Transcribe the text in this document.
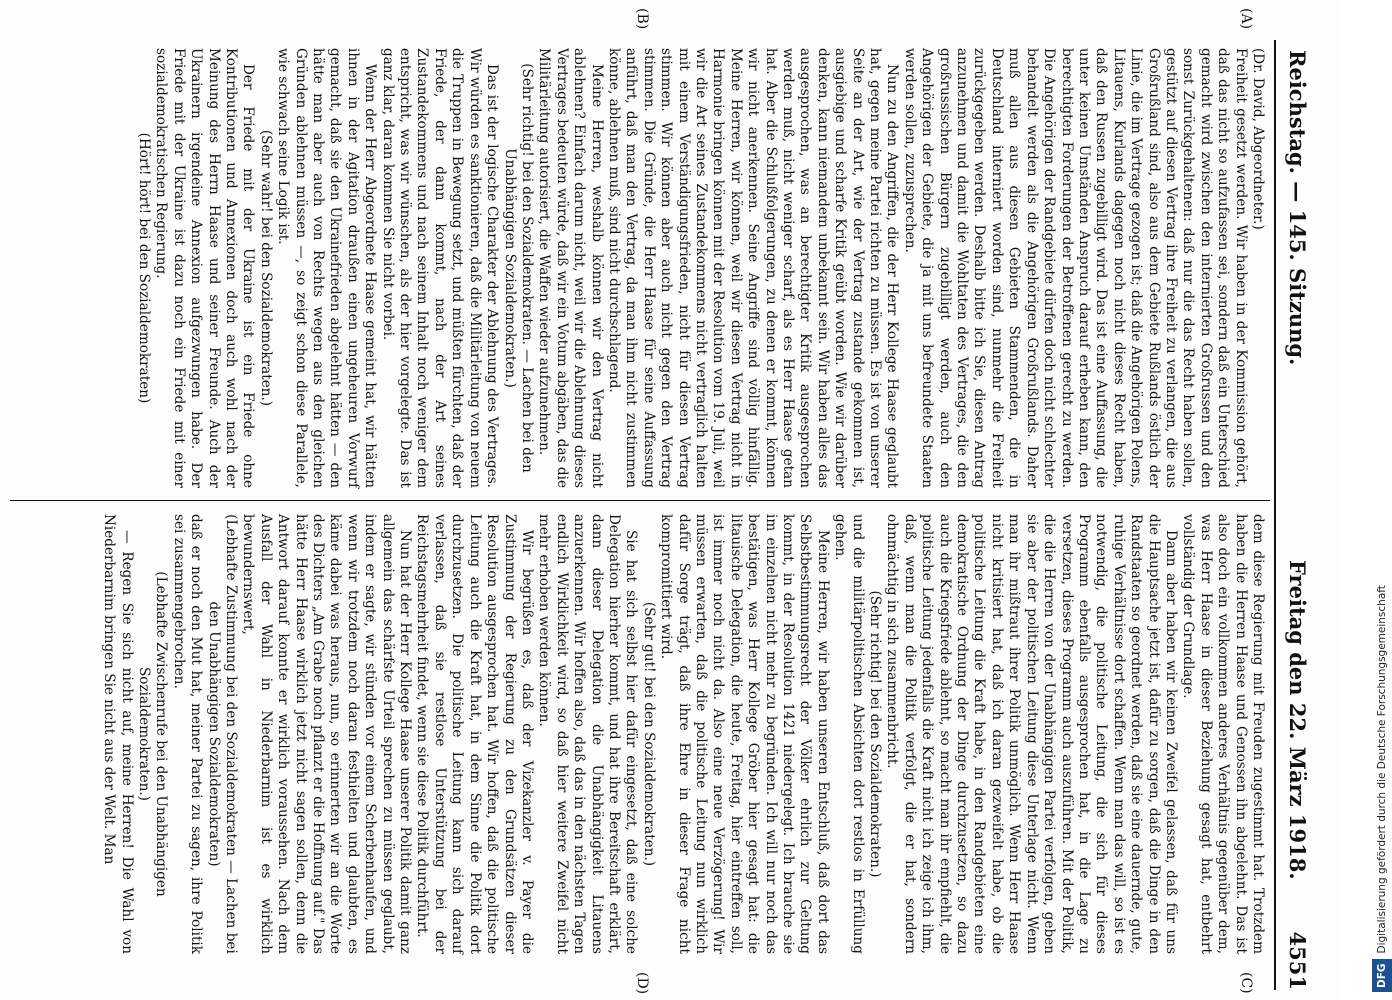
Reichstag. — 145. Sitzung.
Freitag den 22. März 1918.
4551
(A)
(B)
(C)
(D)

(Dr. David, Abgeordneter.)

Freiheit gesetzt werden. Wir haben in der Kommission gehört, daß das nicht so aufzufassen sei, sondern daß ein Unterschied gemacht wird zwischen den internierten Großrussen und den sonst Zurückgehaltenen: daß nur die das Recht haben sollen, gestützt auf diesen Vertrag ihre Freiheit zu verlangen, die aus Großrußland sind, also aus dem Gebiete Rußlands östlich der Linie, die im Vertrage gezogen ist; daß die Angehörigen Polens, Litauens, Kurlands dagegen noch nicht dieses Recht haben, daß den Russen zugebilligt wird. Das ist eine Auffassung, die unter keinen Umständen Anspruch darauf erheben kann, den berechtigten Forderungen der Betroffenen gerecht zu werden. Die Angehörigen der Randgebiete dürfen doch nicht schlechter behandelt werden als die Angehörigen Großrußlands. Daher muß allen aus diesen Gebieten Stammenden, die in Deutschland interniert worden sind, nunmehr die Freiheit zurückgegeben werden. Deshalb bitte ich Sie, diesen Antrag anzunehmen und damit die Wohltaten des Vertrages, die den großrussischen Bürgern zugebilligt werden, auch den Angehörigen der Gebiete, die ja mit uns befreundete Staaten werden sollen, zuzusprechen.

Nun zu den Angriffen, die der Herr Kollege Haase geglaubt hat, gegen meine Partei richten zu müssen. Es ist von unserer Seite an der Art, wie der Vertrag zustande gekommen ist, ausgiebige und scharfe Kritik geübt worden. Wie wir darüber denken, kann niemandem unbekannt sein. Wir haben alles das ausgesprochen, was an berechtigter Kritik ausgesprochen werden muß, nicht weniger scharf, als es Herr Haase getan hat. Aber die Schlußfolgerungen, zu denen er kommt, können wir nicht anerkennen. Seine Angriffe sind völlig hinfällig. Meine Herren, wir können, weil wir diesen Vertrag nicht in Harmonie bringen können mit der Resolution vom 19. Juli, weil wir die Art seines Zustandekommens nicht vertraglich halten mit einem Verständigungsfrieden, nicht für diesen Vertrag stimmen. Wir können aber auch nicht gegen den Vertrag stimmen. Die Gründe, die Herr Haase für seine Auffassung anführt, daß man den Vertrag, da man ihm nicht zustimmen könne, ablehnen muß, sind nicht durchschlagend.

Meine Herren, weshalb können wir den Vertrag nicht ablehnen? Einfach darum nicht, weil wir die Ablehnung dieses Vertrages bedeuten würde, daß wir ein Votum abgäben, das die Militärleitung autorisiert, die Waffen wieder aufzunehmen.

(Sehr richtig! bei den Sozialdemokraten. — Lachen bei den Unabhängigen Sozialdemokraten.)

Das ist der logische Charakter der Ablehnung des Vertrages. Wir würden es sanktionieren, daß die Militärleitung von neuem die Truppen in Bewegung setzt, und müßten fürchten, daß der Friede, der dann kommt, nach der Art seines Zustandekommens und nach seinem Inhalt noch weniger dem entspricht, was wir wünschen, als der hier vorgelegte. Das ist ganz klar, daran kommen Sie nicht vorbei.

Wenn der Herr Abgeordnete Haase gemeint hat, wir hätten ihnen in der Agitation draußen einen ungeheuren Vorwurf gemacht, daß sie den Ukrainefrieden abgelehnt hätten — den hätte man aber auch von Rechts wegen aus den gleichen Gründen ablehnen müssen —, so zeigt schon diese Parallele, wie schwach seine Logik ist.

(Sehr wahr! bei den Sozialdemokraten.)

Der Friede mit der Ukraine ist ein Friede ohne Kontributionen und Annexionen doch auch wohl nach der Meinung des Herrn Haase und seiner Freunde. Auch der Ukrainern irgendeine Annexion aufgezwungen habe. Der Friede mit der Ukraine ist dazu noch ein Friede mit einer sozialdemokratischen Regierung.

(Hört! hört! bei den Sozialdemokraten)

dem diese Regierung mit Freuden zugestimmt hat. Trotzdem haben die Herren Haase und Genossen ihn abgelehnt. Das ist also doch ein vollkommen anderes Verhältnis gegenüber dem, was Herr Haase in dieser Beziehung gesagt hat, entbehrt vollständig der Grundlage.

Dann aber haben wir keinen Zweifel gelassen, daß für uns die Hauptsache jetzt ist, dafür zu sorgen, daß die Dinge in den Randstaaten so geordnet werden, daß sie eine dauernde, gute, ruhige Verhältnisse dort schaffen. Wenn man das will, so ist es notwendig, die politische Leitung, die sich für dieses Programm ebenfalls ausgesprochen hat, in die Lage zu versetzen, dieses Programm auch auszuführen. Mit der Politik, die die Herren von der Unabhängigen Partei verfolgen, geben sie aber der politischen Leitung diese Unterlage nicht. Wenn man ihr mißtraut ihrer Politik unmöglich. Wenn Herr Haase nicht kritisiert hat, daß ich daran gezweifelt habe, ob die politische Leitung die Kraft habe, in den Randgebieten eine demokratische Ordnung der Dinge durchzusetzen, so dazu auch die Kriegsfriede ablehnt, so macht man ihr empfiehlt, die politische Leitung jedenfalls die Kraft nicht ich zeige ich ihm, daß, wenn man die Politik verfolgt, die er hat, sondern ohnmächtig in sich zusammenbricht.

(Sehr richtig! bei den Sozialdemokraten.)

und die militärpolitischen Absichten dort restlos in Erfüllung gehen.

Meine Herren, wir haben unseren Entschluß, daß dort das Selbstbestimmungsrecht der Völker ehrlich zur Geltung kommt, in der Resolution 1421 niedergelegt. Ich brauche sie im einzelnen nicht mehr zu begründen. Ich will nur noch das bestätigen, was Herr Kollege Gröber hier gesagt hat: die litauische Delegation, die heute, Freitag, hier eintreffen soll, ist immer noch nicht da. Also eine neue Verzögerung! Wir müssen erwarten, daß die politische Leitung nun wirklich dafür Sorge trägt, daß ihre Ehre in dieser Frage nicht kompromittiert wird.

(Sehr gut! bei den Sozialdemokraten.)

Sie hat sich selbst hier dafür eingesetzt, daß eine solche Delegation hierher kommt, und hat ihre Bereitschaft erklärt, dann dieser Delegation die Unabhängigkeit Litauens anzuerkennen. Wir hoffen also, daß das in den nächsten Tagen endlich Wirklichkeit wird, so daß hier weitere Zweifel nicht mehr erhoben werden können.

Wir begrüßen es, daß der Vizekanzler v. Payer die Zustimmung der Regierung zu den Grundsätzen dieser Resolution ausgesprochen hat. Wir hoffen, daß die politische Leitung auch die Kraft hat, in dem Sinne die Politik dort durchzusetzen. Die politische Leitung kann sich darauf verlassen, daß sie restlose Unterstützung bei der Reichstagsmehrheit findet, wenn sie diese Politik durchführt.

Nun hat der Herr Kollege Haase unserer Politik damit ganz allgemein das schärfste Urteil sprechen zu müssen geglaubt, indem er sagte, wir stünden vor einem Scherbenhaufen, und wenn wir trotzdem noch daran festhielten und glaubten, es käme dabei was heraus, nun, so erinnerten wir an die Worte des Dichters „Am Grabe noch pflanzt er die Hoffnung auf." Das hätte Herr Haase wirklich jetzt nicht sagen sollen, denn die Antwort darauf konnte er wirklich voraussehen. Nach dem Ausfall der Wahl in Niederbarnim ist es wirklich bewundernswert,

(Lebhafte Zustimmung bei den Sozialdemokraten — Lachen bei den Unabhängigen Sozialdemokraten)

daß er noch den Mut hat, meiner Partei zu sagen, ihre Politik sei zusammengebrochen.

(Lebhafte Zwischenrufe bei den Unabhängigen Sozialdemokraten.)

— Regen Sie sich nicht auf, meine Herren! Die Wahl von Niederbarnim bringen Sie nicht aus der Welt. Man

DFGDigitalisierung gefördert durch die Deutsche Forschungsgemeinschaft
